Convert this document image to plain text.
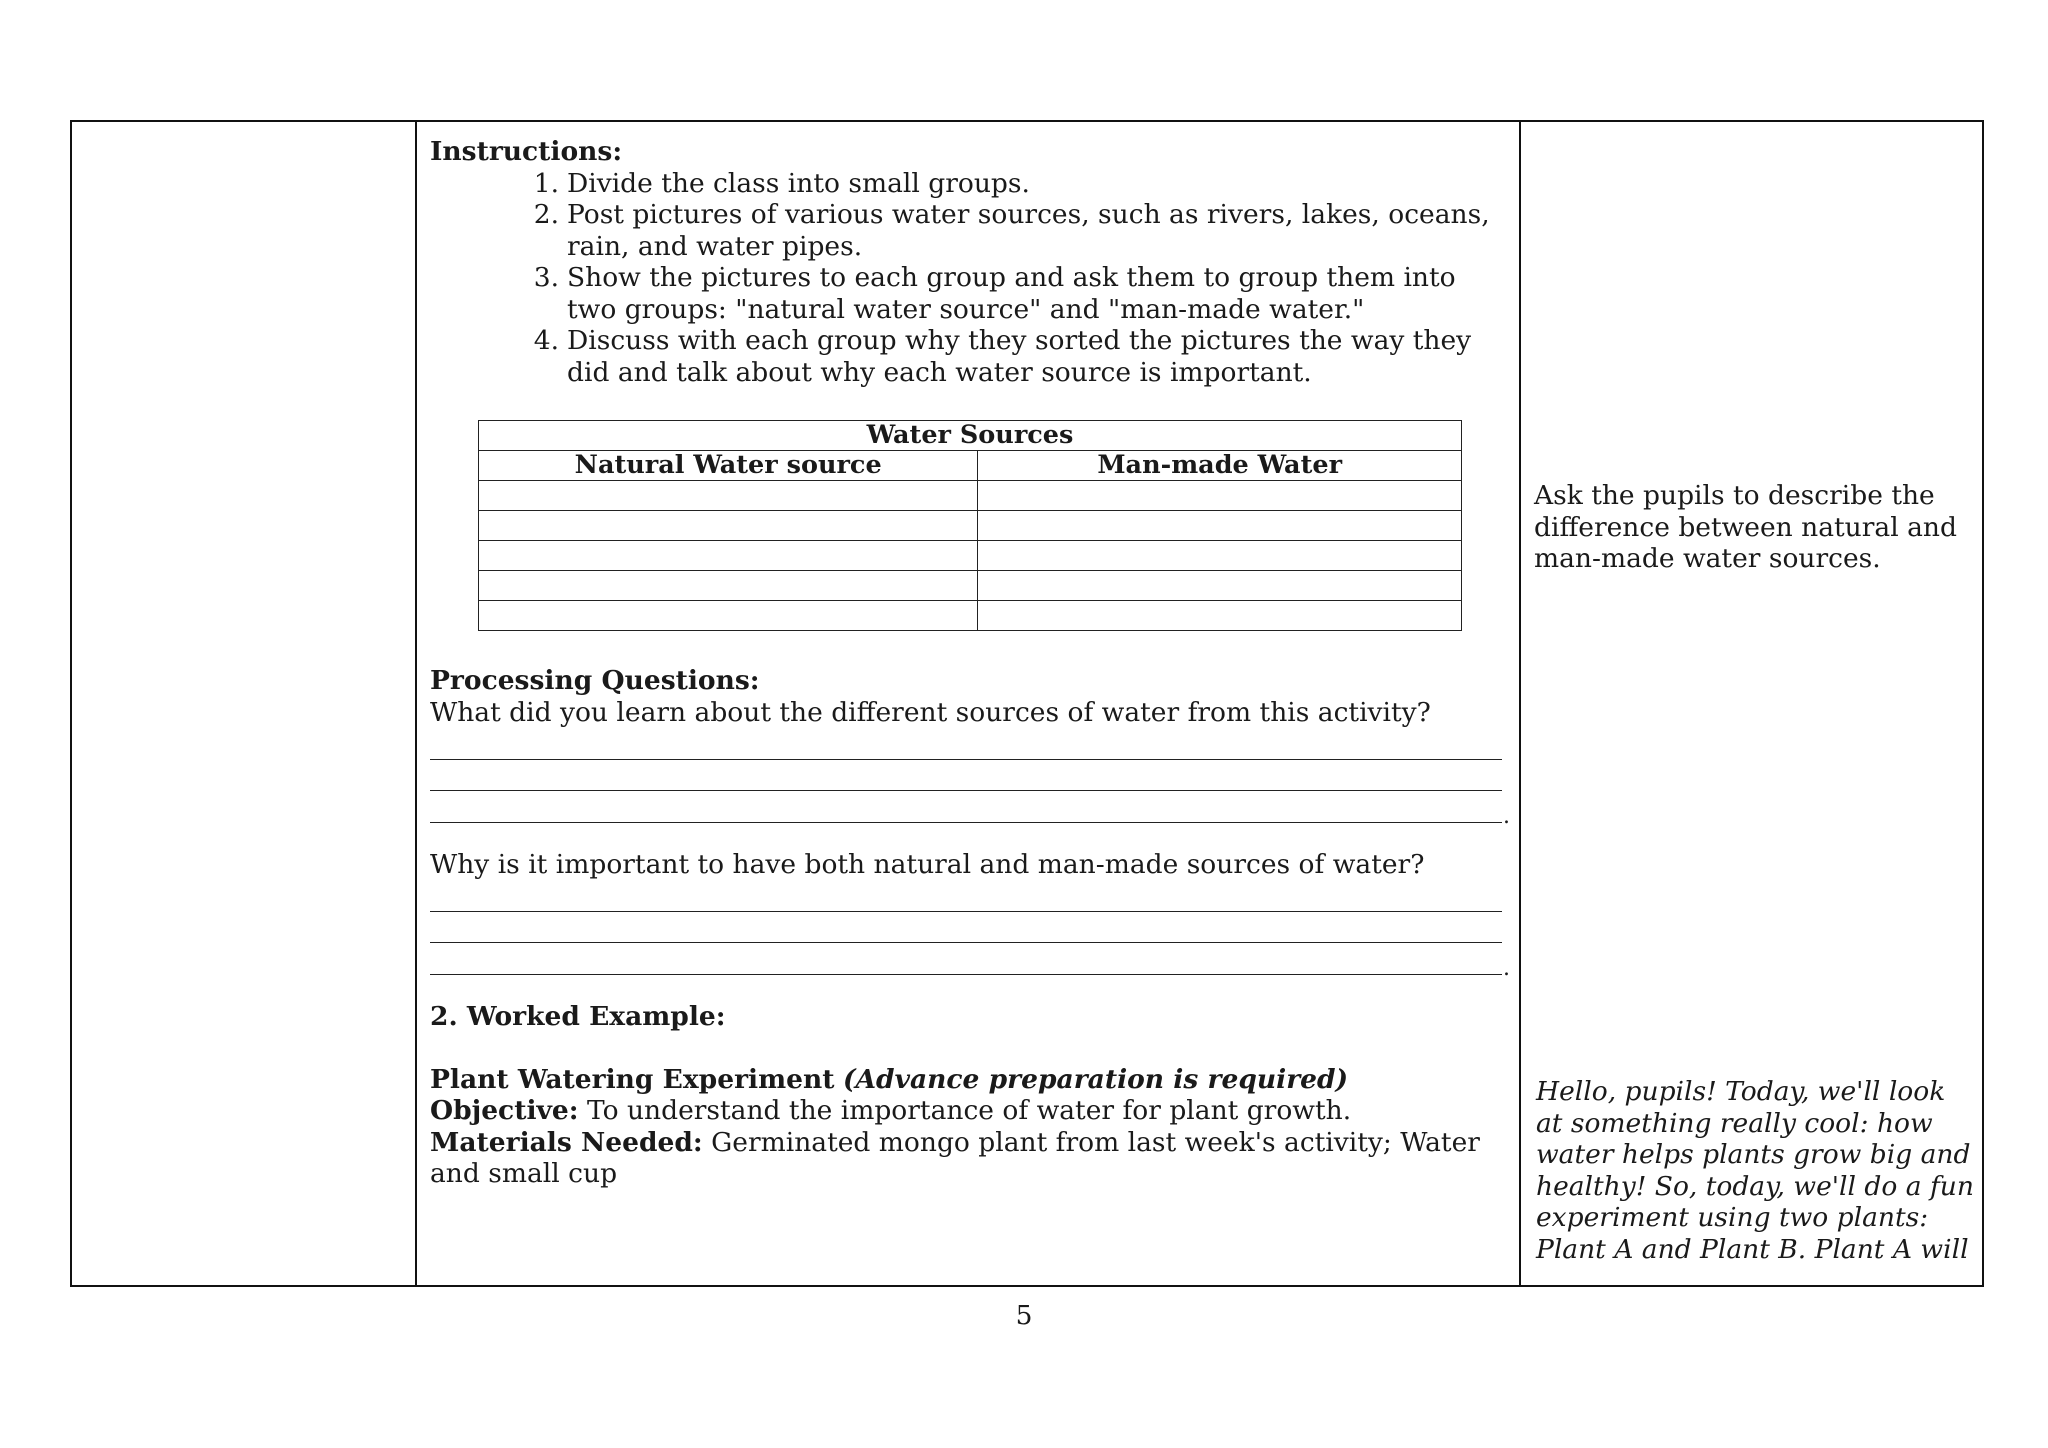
Instructions:
1. Divide the class into small groups.
2. Post pictures of various water sources, such as rivers, lakes, oceans, rain, and water pipes.
3. Show the pictures to each group and ask them to group them into two groups: "natural water source" and "man-made water."
4. Discuss with each group why they sorted the pictures the way they did and talk about why each water source is important.
Water Sources	
Natural Water source	Man-made Water

Processing Questions:
What did you learn about the different sources of water from this activity?
.
Why is it important to have both natural and man-made sources of water?
.
2. Worked Example:
Plant Watering Experiment (Advance preparation is required)
Objective: To understand the importance of water for plant growth.
Materials Needed: Germinated mongo plant from last week's activity; Water and small cup
Ask the pupils to describe the difference between natural and man-made water sources.
Hello, pupils! Today, we'll look at something really cool: how water helps plants grow big and healthy! So, today, we'll do a fun experiment using two plants: Plant A and Plant B. Plant A will
5
